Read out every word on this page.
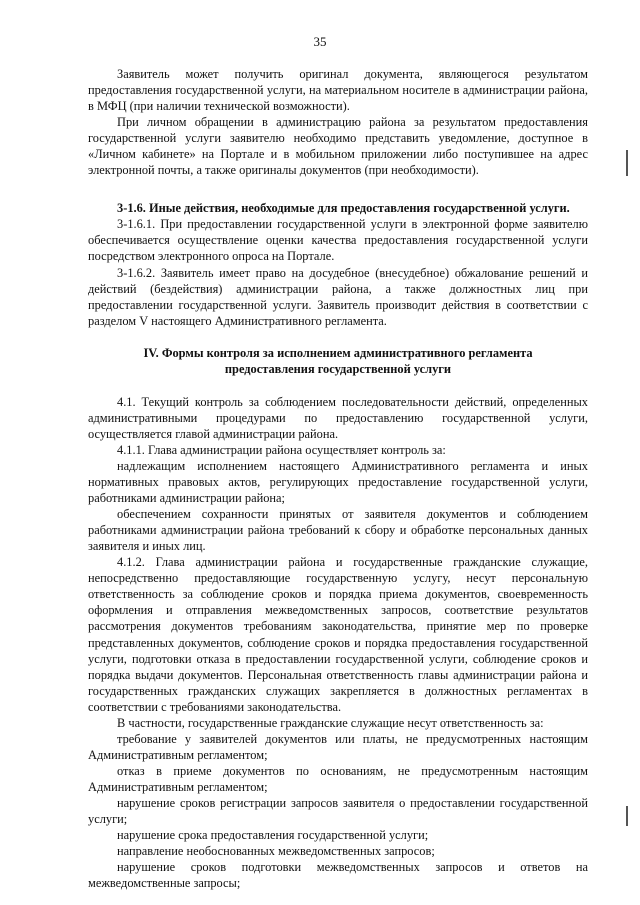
35

Заявитель может получить оригинал документа, являющегося результатом предоставления государственной услуги, на материальном носителе в администрации района, в МФЦ (при наличии технической возможности).

При личном обращении в администрацию района за результатом предоставления государственной услуги заявителю необходимо представить уведомление, доступное в «Личном кабинете» на Портале и в мобильном приложении либо поступившее на адрес электронной почты, а также оригиналы документов (при необходимости).

3-1.6. Иные действия, необходимые для предоставления государственной услуги.

3-1.6.1. При предоставлении государственной услуги в электронной форме заявителю обеспечивается осуществление оценки качества предоставления государственной услуги посредством электронного опроса на Портале.

3-1.6.2. Заявитель имеет право на досудебное (внесудебное) обжалование решений и действий (бездействия) администрации района, а также должностных лиц при предоставлении государственной услуги. Заявитель производит действия в соответствии с разделом V настоящего Административного регламента.

IV. Формы контроля за исполнением административного регламента
предоставления государственной услуги

4.1. Текущий контроль за соблюдением последовательности действий, определенных административными процедурами по предоставлению государственной услуги, осуществляется главой администрации района.

4.1.1. Глава администрации района осуществляет контроль за:

надлежащим исполнением настоящего Административного регламента и иных нормативных правовых актов, регулирующих предоставление государственной услуги, работниками администрации района;

обеспечением сохранности принятых от заявителя документов и соблюдением работниками администрации района требований к сбору и обработке персональных данных заявителя и иных лиц.

4.1.2. Глава администрации района и государственные гражданские служащие, непосредственно предоставляющие государственную услугу, несут персональную ответственность за соблюдение сроков и порядка приема документов, своевременность оформления и отправления межведомственных запросов, соответствие результатов рассмотрения документов требованиям законодательства, принятие мер по проверке представленных документов, соблюдение сроков и порядка предоставления государственной услуги, подготовки отказа в предоставлении государственной услуги, соблюдение сроков и порядка выдачи документов. Персональная ответственность главы администрации района и государственных гражданских служащих закрепляется в должностных регламентах в соответствии с требованиями законодательства.

В частности, государственные гражданские служащие несут ответственность за:

требование у заявителей документов или платы, не предусмотренных настоящим Административным регламентом;

отказ в приеме документов по основаниям, не предусмотренным настоящим Административным регламентом;

нарушение сроков регистрации запросов заявителя о предоставлении государственной услуги;

нарушение срока предоставления государственной услуги;

направление необоснованных межведомственных запросов;

нарушение сроков подготовки межведомственных запросов и ответов на межведомственные запросы;
